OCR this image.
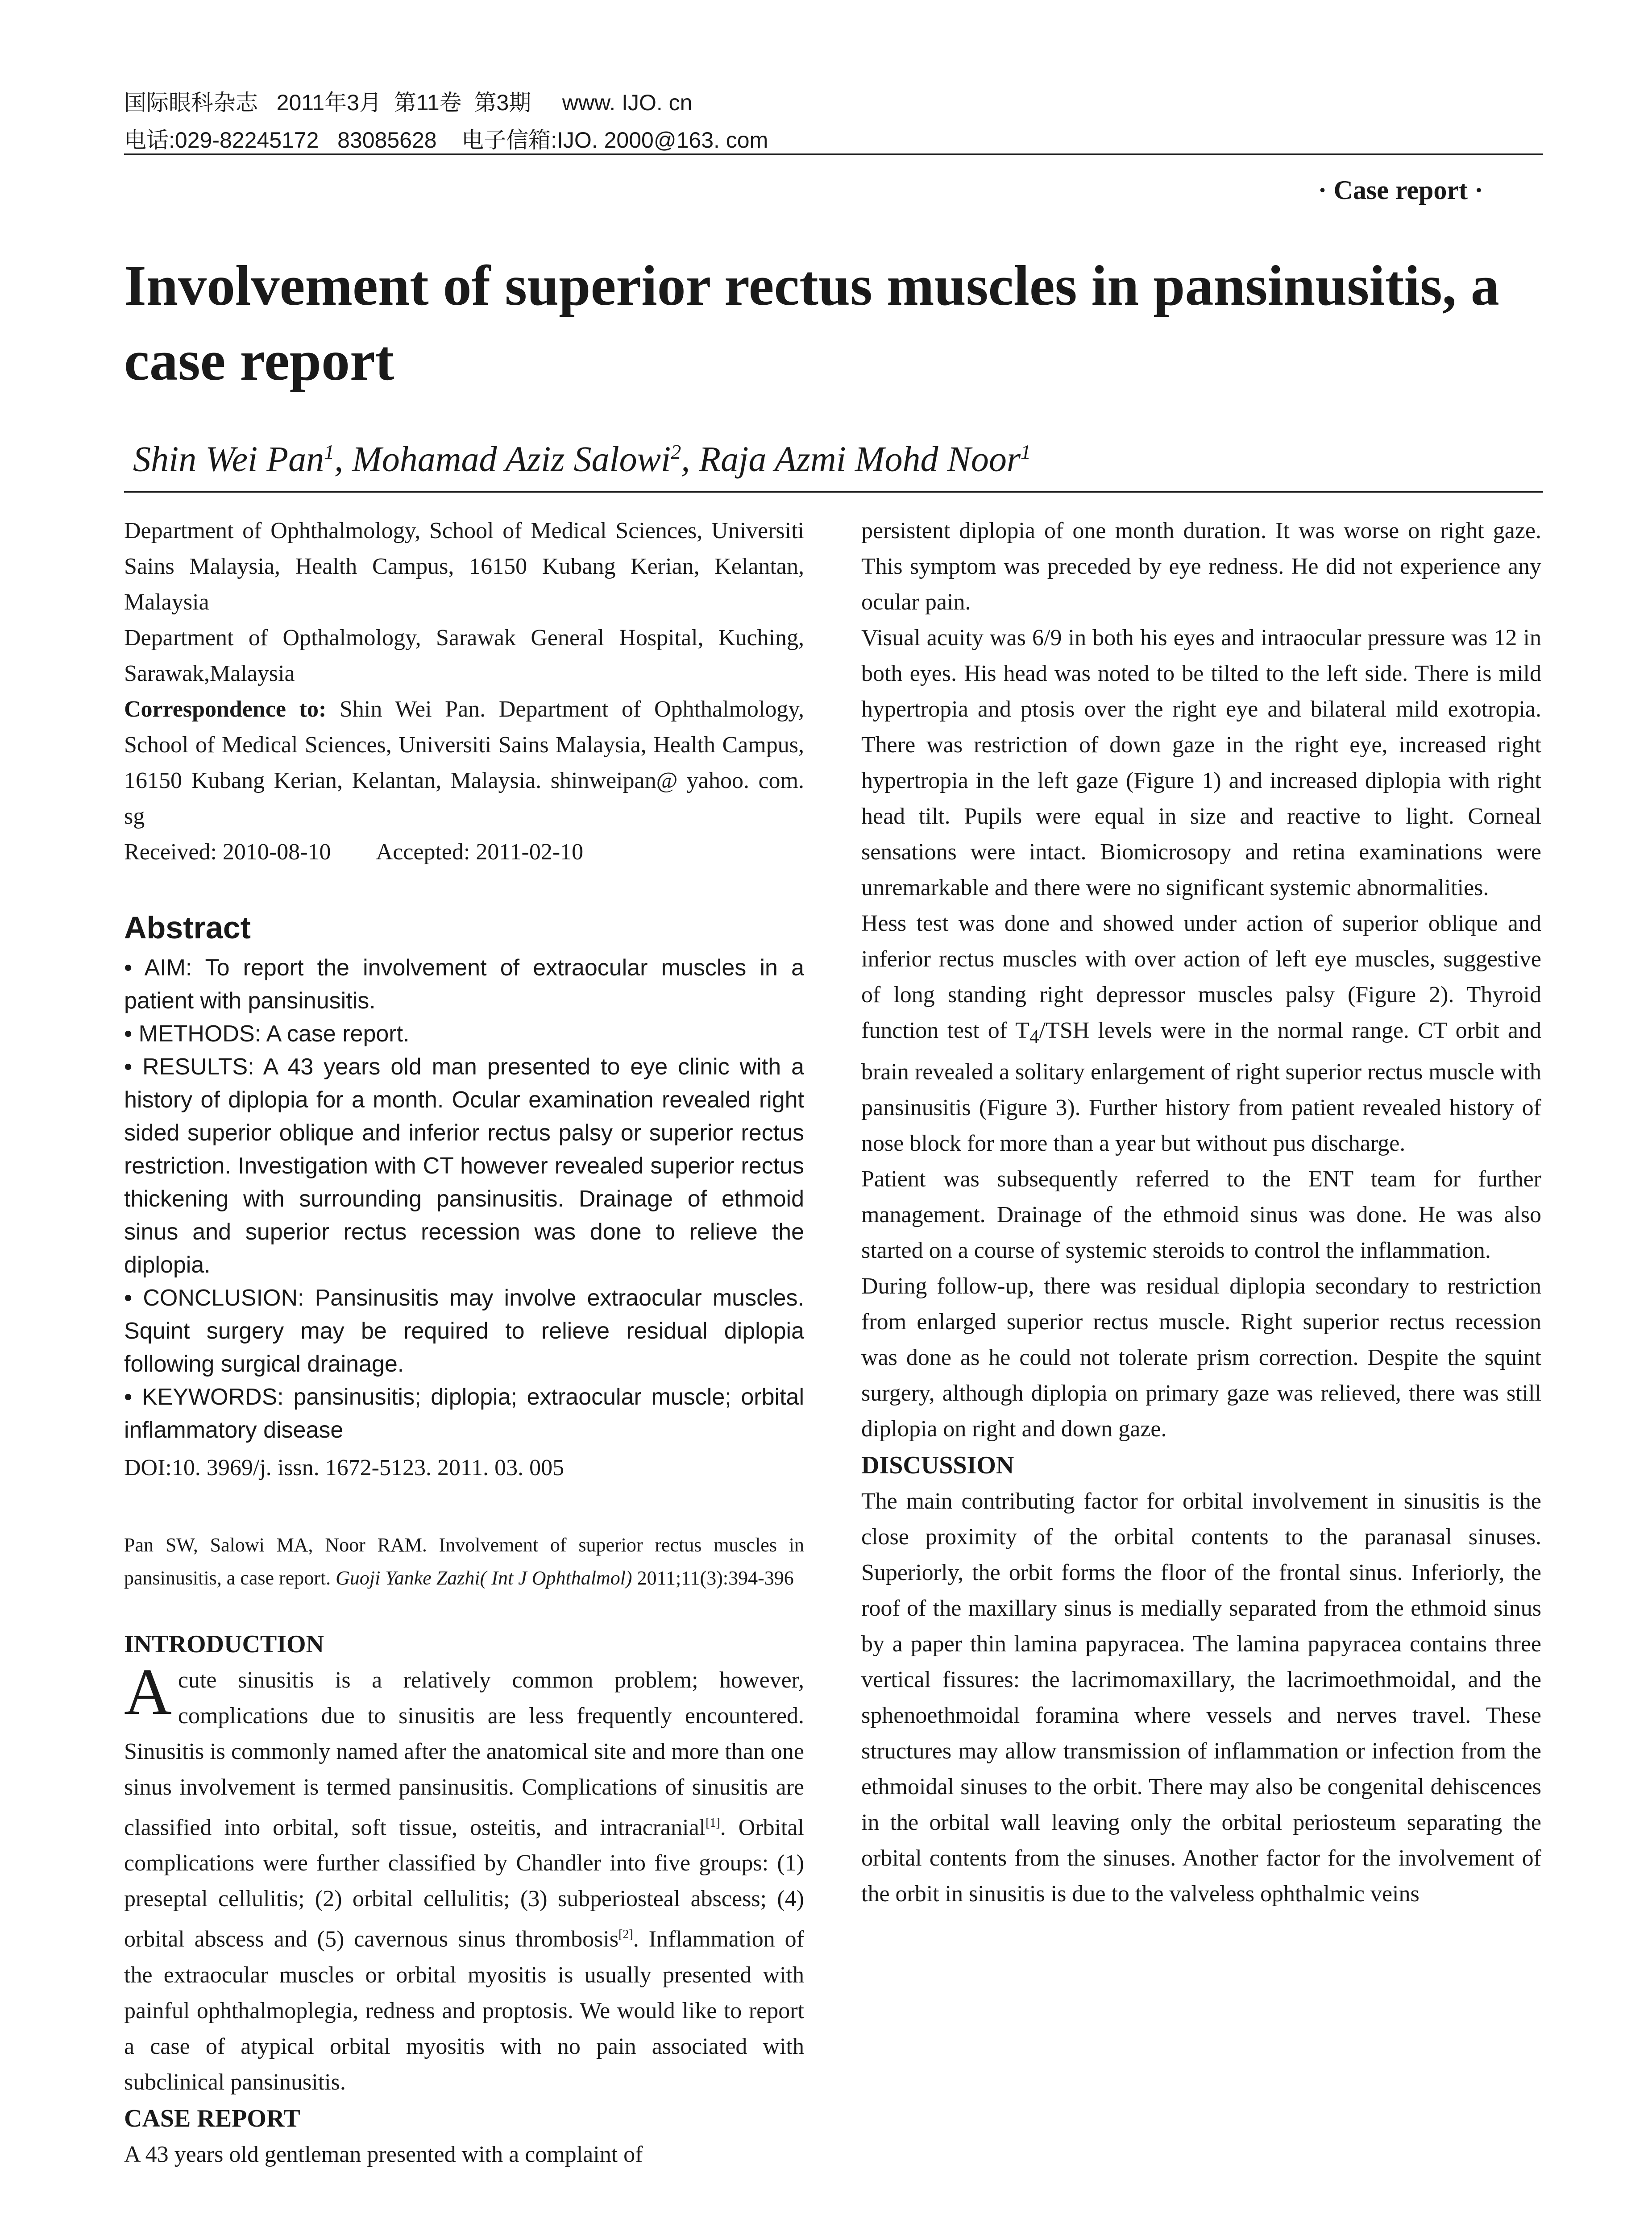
国际眼科杂志   2011年3月  第11卷  第3期     www. IJO. cn
电话:029-82245172   83085628    电子信箱:IJO. 2000@163. com
· Case report ·
Involvement of superior rectus muscles in pansinusitis, a case report
Shin Wei Pan$^1$, Mohamad Aziz Salowi$^2$, Raja Azmi Mohd Noor$^1$

Department of Ophthalmology, School of Medical Sciences, Universiti Sains Malaysia, Health Campus, 16150 Kubang Kerian, Kelantan, Malaysia

Department of Opthalmology, Sarawak General Hospital, Kuching, Sarawak,Malaysia

Correspondence to: Shin Wei Pan. Department of Ophthalmology, School of Medical Sciences, Universiti Sains Malaysia, Health Campus, 16150 Kubang Kerian, Kelantan, Malaysia. shinweipan@ yahoo. com. sg

Received: 2010-08-10        Accepted: 2011-02-10

Abstract

• AIM: To report the involvement of extraocular muscles in a patient with pansinusitis.

• METHODS: A case report.

• RESULTS: A 43 years old man presented to eye clinic with a history of diplopia for a month. Ocular examination revealed right sided superior oblique and inferior rectus palsy or superior rectus restriction. Investigation with CT however revealed superior rectus thickening with surrounding pansinusitis. Drainage of ethmoid sinus and superior rectus recession was done to relieve the diplopia.

• CONCLUSION: Pansinusitis may involve extraocular muscles. Squint surgery may be required to relieve residual diplopia following surgical drainage.

• KEYWORDS: pansinusitis; diplopia; extraocular muscle; orbital inflammatory disease

DOI:10. 3969/j. issn. 1672-5123. 2011. 03. 005

Pan SW, Salowi MA, Noor RAM. Involvement of superior rectus muscles in pansinusitis, a case report. Guoji Yanke Zazhi( Int J Ophthalmol) 2011;11(3):394-396

INTRODUCTION

Acute sinusitis is a relatively common problem; however, complications due to sinusitis are less frequently encountered. Sinusitis is commonly named after the anatomical site and more than one sinus involvement is termed pansinusitis. Complications of sinusitis are classified into orbital, soft tissue, osteitis, and intracranial[1]. Orbital complications were further classified by Chandler into five groups: (1) preseptal cellulitis; (2) orbital cellulitis; (3) subperiosteal abscess; (4) orbital abscess and (5) cavernous sinus thrombosis[2]. Inflammation of the extraocular muscles or orbital myositis is usually presented with painful ophthalmoplegia, redness and proptosis. We would like to report a case of atypical orbital myositis with no pain associated with subclinical pansinusitis.

CASE REPORT

A 43 years old gentleman presented with a complaint of

persistent diplopia of one month duration. It was worse on right gaze. This symptom was preceded by eye redness. He did not experience any ocular pain.

Visual acuity was 6/9 in both his eyes and intraocular pressure was 12 in both eyes. His head was noted to be tilted to the left side. There is mild hypertropia and ptosis over the right eye and bilateral mild exotropia. There was restriction of down gaze in the right eye, increased right hypertropia in the left gaze (Figure 1) and increased diplopia with right head tilt. Pupils were equal in size and reactive to light. Corneal sensations were intact. Biomicrosopy and retina examinations were unremarkable and there were no significant systemic abnormalities.

Hess test was done and showed under action of superior oblique and inferior rectus muscles with over action of left eye muscles, suggestive of long standing right depressor muscles palsy (Figure 2). Thyroid function test of $T_4$/TSH levels were in the normal range. CT orbit and brain revealed a solitary enlargement of right superior rectus muscle with pansinusitis (Figure 3). Further history from patient revealed history of nose block for more than a year but without pus discharge.

Patient was subsequently referred to the ENT team for further management. Drainage of the ethmoid sinus was done. He was also started on a course of systemic steroids to control the inflammation.

During follow-up, there was residual diplopia secondary to restriction from enlarged superior rectus muscle. Right superior rectus recession was done as he could not tolerate prism correction. Despite the squint surgery, although diplopia on primary gaze was relieved, there was still diplopia on right and down gaze.

DISCUSSION

The main contributing factor for orbital involvement in sinusitis is the close proximity of the orbital contents to the paranasal sinuses. Superiorly, the orbit forms the floor of the frontal sinus. Inferiorly, the roof of the maxillary sinus is medially separated from the ethmoid sinus by a paper thin lamina papyracea. The lamina papyracea contains three vertical fissures: the lacrimomaxillary, the lacrimoethmoidal, and the sphenoethmoidal foramina where vessels and nerves travel. These structures may allow transmission of inflammation or infection from the ethmoidal sinuses to the orbit. There may also be congenital dehiscences in the orbital wall leaving only the orbital periosteum separating the orbital contents from the sinuses. Another factor for the involvement of the orbit in sinusitis is due to the valveless ophthalmic veins
